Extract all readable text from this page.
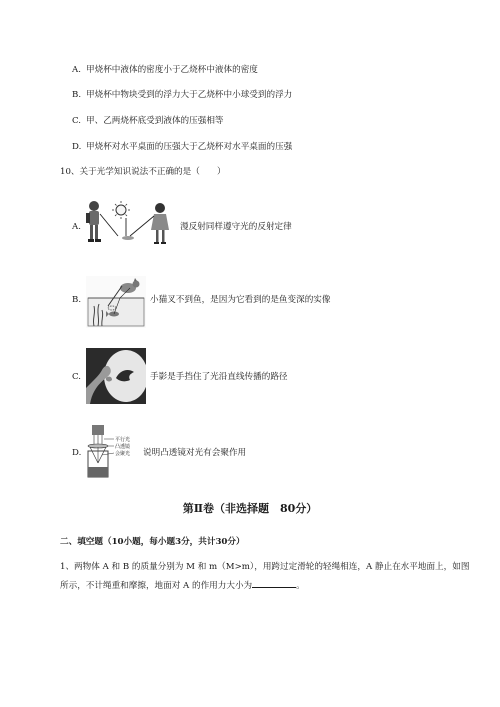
A. 甲烧杯中液体的密度小于乙烧杯中液体的密度
B. 甲烧杯中物块受到的浮力大于乙烧杯中小球受到的浮力
C. 甲、乙两烧杯底受到液体的压强相等
D. 甲烧杯对水平桌面的压强大于乙烧杯对水平桌面的压强
10、关于光学知识说法不正确的是（　　）
A.	漫反射同样遵守光的反射定律
B.	小猫叉不到鱼，是因为它看到的是鱼变深的实像
C.	手影是手挡住了光沿直线传播的路径
D.
平行光
凸透镜
会聚光 说明凸透镜对光有会聚作用
第Ⅱ卷（非选择题　80分）
二、填空题（10小题，每小题3分，共计30分）
1、两物体 A 和 B 的质量分别为 M 和 m（M>m），用跨过定滑轮的轻绳相连，A 静止在水平地面上，如图
所示，不计绳重和摩擦，地面对 A 的作用力大小为	。
